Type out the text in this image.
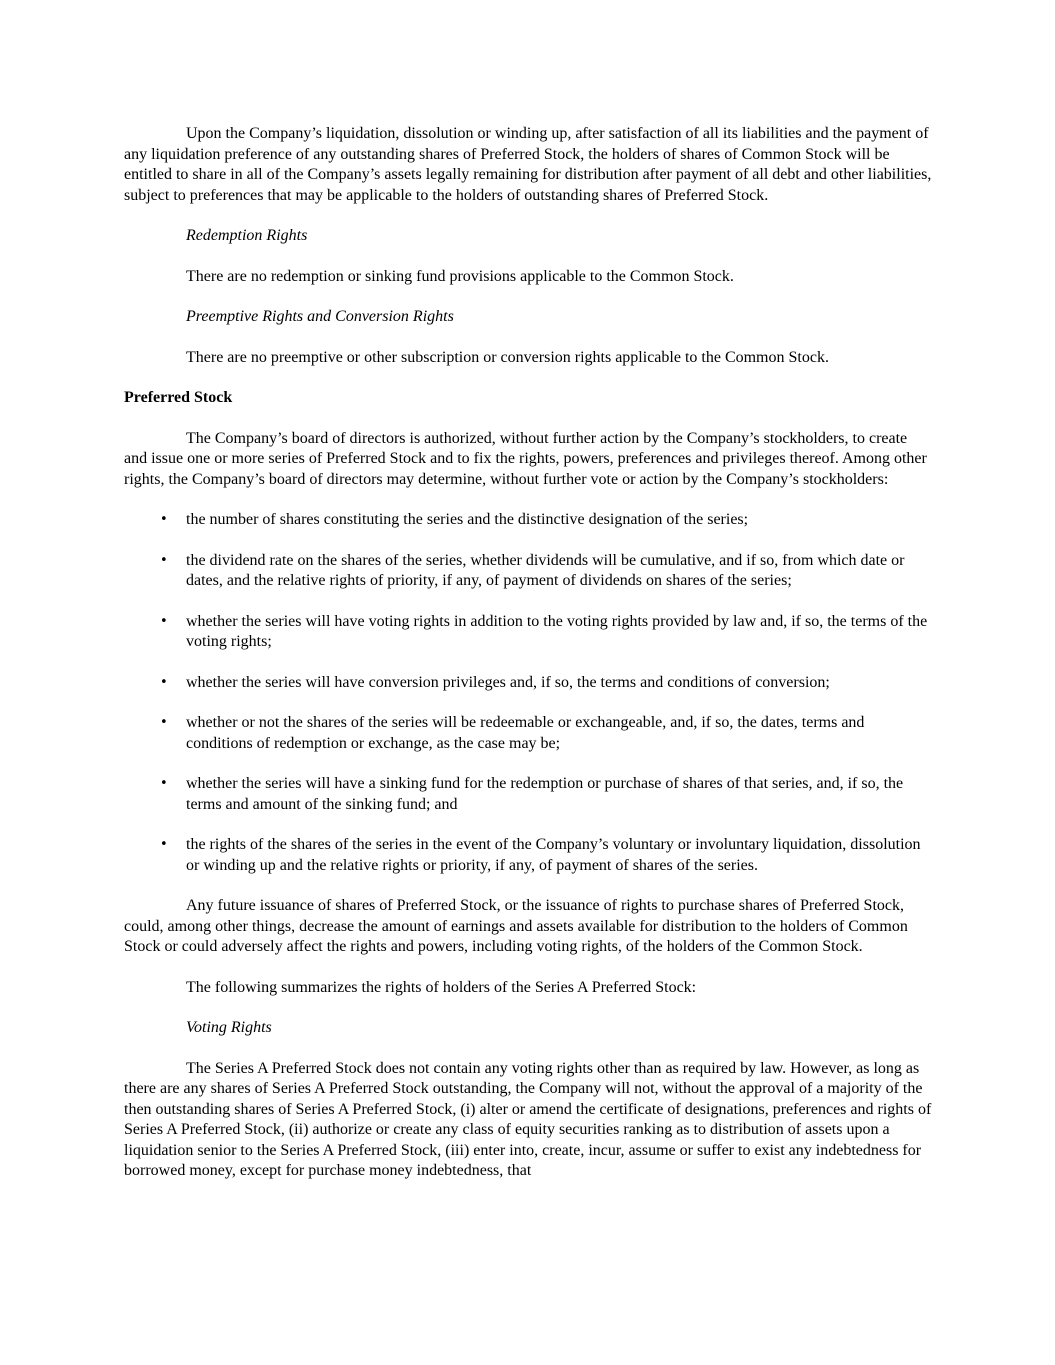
Upon the Company’s liquidation, dissolution or winding up, after satisfaction of all its liabilities and the payment of any liquidation preference of any outstanding shares of Preferred Stock, the holders of shares of Common Stock will be entitled to share in all of the Company’s assets legally remaining for distribution after payment of all debt and other liabilities, subject to preferences that may be applicable to the holders of outstanding shares of Preferred Stock.

Redemption Rights

There are no redemption or sinking fund provisions applicable to the Common Stock.

Preemptive Rights and Conversion Rights

There are no preemptive or other subscription or conversion rights applicable to the Common Stock.

Preferred Stock

The Company’s board of directors is authorized, without further action by the Company’s stockholders, to create and issue one or more series of Preferred Stock and to fix the rights, powers, preferences and privileges thereof. Among other rights, the Company’s board of directors may determine, without further vote or action by the Company’s stockholders:

•	the number of shares constituting the series and the distinctive designation of the series;
•	the dividend rate on the shares of the series, whether dividends will be cumulative, and if so, from which date or dates, and the relative rights of priority, if any, of payment of dividends on shares of the series;
•	whether the series will have voting rights in addition to the voting rights provided by law and, if so, the terms of the voting rights;
•	whether the series will have conversion privileges and, if so, the terms and conditions of conversion;
•	whether or not the shares of the series will be redeemable or exchangeable, and, if so, the dates, terms and conditions of redemption or exchange, as the case may be;
•	whether the series will have a sinking fund for the redemption or purchase of shares of that series, and, if so, the terms and amount of the sinking fund; and
•	the rights of the shares of the series in the event of the Company’s voluntary or involuntary liquidation, dissolution or winding up and the relative rights or priority, if any, of payment of shares of the series.

Any future issuance of shares of Preferred Stock, or the issuance of rights to purchase shares of Preferred Stock, could, among other things, decrease the amount of earnings and assets available for distribution to the holders of Common Stock or could adversely affect the rights and powers, including voting rights, of the holders of the Common Stock.

The following summarizes the rights of holders of the Series A Preferred Stock:

Voting Rights

The Series A Preferred Stock does not contain any voting rights other than as required by law. However, as long as there are any shares of Series A Preferred Stock outstanding, the Company will not, without the approval of a majority of the then outstanding shares of Series A Preferred Stock, (i) alter or amend the certificate of designations, preferences and rights of Series A Preferred Stock, (ii) authorize or create any class of equity securities ranking as to distribution of assets upon a liquidation senior to the Series A Preferred Stock, (iii) enter into, create, incur, assume or suffer to exist any indebtedness for borrowed money, except for purchase money indebtedness, that
